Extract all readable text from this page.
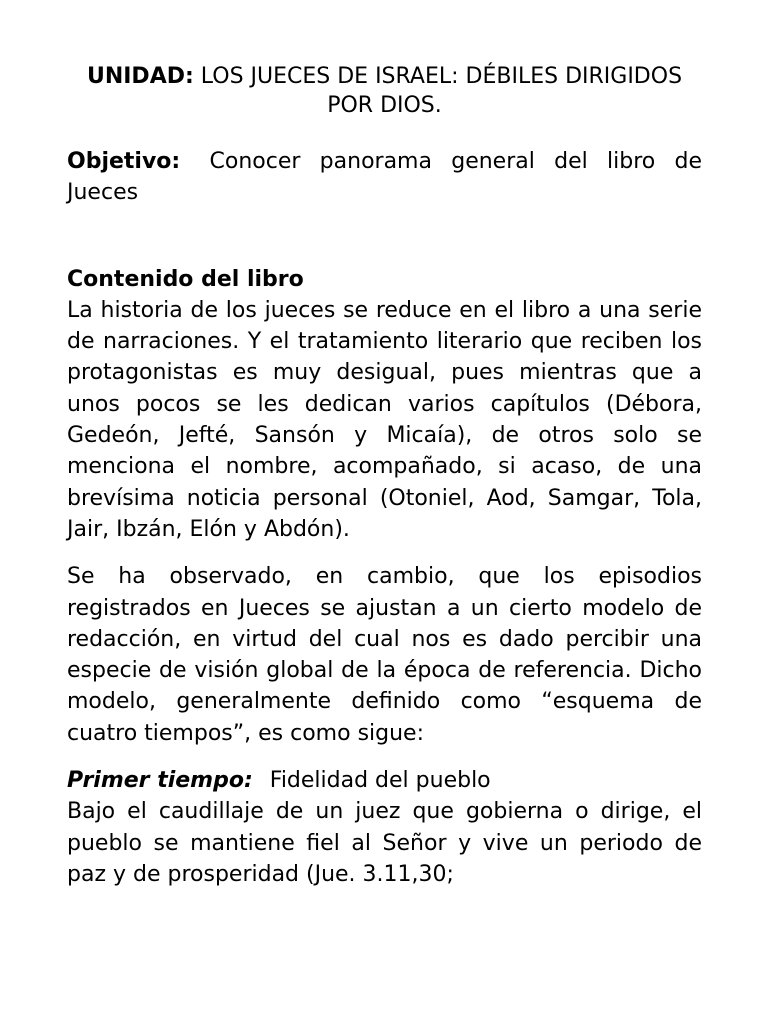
UNIDAD: LOS JUECES DE ISRAEL: DÉBILES DIRIGIDOS POR DIOS.

Objetivo: Conocer panorama general del libro de Jueces

Contenido del libro

La historia de los jueces se reduce en el libro a una serie de narraciones. Y el tratamiento literario que reciben los protagonistas es muy desigual, pues mientras que a unos pocos se les dedican varios capítulos (Débora, Gedeón, Jefté, Sansón y Micaía), de otros solo se menciona el nombre, acompañado, si acaso, de una brevísima noticia personal (Otoniel, Aod, Samgar, Tola, Jair, Ibzán, Elón y Abdón).

Se ha observado, en cambio, que los episodios registrados en Jueces se ajustan a un cierto modelo de redacción, en virtud del cual nos es dado percibir una especie de visión global de la época de referencia. Dicho modelo, generalmente definido como “esquema de cuatro tiempos”, es como sigue:

Primer tiempo: Fidelidad del pueblo

Bajo el caudillaje de un juez que gobierna o dirige, el pueblo se mantiene fiel al Señor y vive un periodo de paz y de prosperidad (Jue. 3.11,30;
